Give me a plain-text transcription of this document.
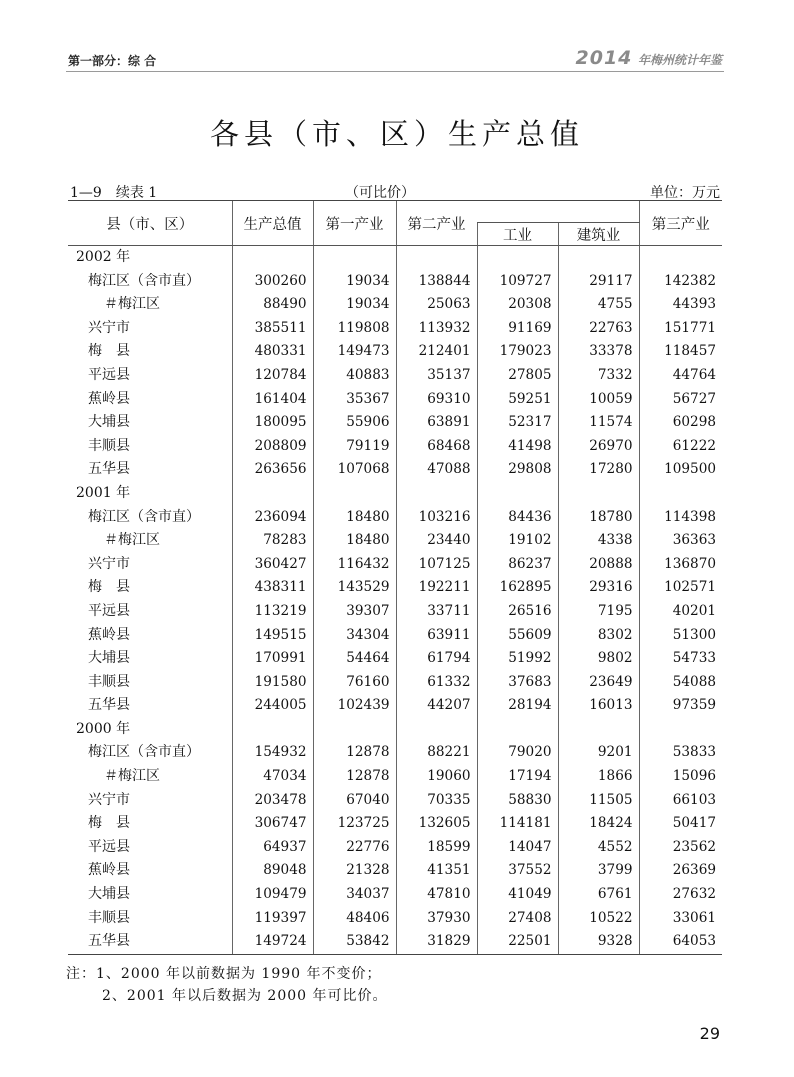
第一部分：综 合	2014 年梅州统计年鉴
各县（市、区）生产总值
1—9　续表 1	（可比价）	单位：万元
县（市、区）	生产总值	第一产业	第二产业			第三产业
				工业	建筑业	
2002 年						
梅江区（含市直）	300260	19034	138844	109727	29117	142382
＃梅江区	88490	19034	25063	20308	4755	44393
兴宁市	385511	119808	113932	91169	22763	151771
梅　县	480331	149473	212401	179023	33378	118457
平远县	120784	40883	35137	27805	7332	44764
蕉岭县	161404	35367	69310	59251	10059	56727
大埔县	180095	55906	63891	52317	11574	60298
丰顺县	208809	79119	68468	41498	26970	61222
五华县	263656	107068	47088	29808	17280	109500
2001 年						
梅江区（含市直）	236094	18480	103216	84436	18780	114398
＃梅江区	78283	18480	23440	19102	4338	36363
兴宁市	360427	116432	107125	86237	20888	136870
梅　县	438311	143529	192211	162895	29316	102571
平远县	113219	39307	33711	26516	7195	40201
蕉岭县	149515	34304	63911	55609	8302	51300
大埔县	170991	54464	61794	51992	9802	54733
丰顺县	191580	76160	61332	37683	23649	54088
五华县	244005	102439	44207	28194	16013	97359
2000 年						
梅江区（含市直）	154932	12878	88221	79020	9201	53833
＃梅江区	47034	12878	19060	17194	1866	15096
兴宁市	203478	67040	70335	58830	11505	66103
梅　县	306747	123725	132605	114181	18424	50417
平远县	64937	22776	18599	14047	4552	23562
蕉岭县	89048	21328	41351	37552	3799	26369
大埔县	109479	34037	47810	41049	6761	27632
丰顺县	119397	48406	37930	27408	10522	33061
五华县	149724	53842	31829	22501	9328	64053
注：1、2000 年以前数据为 1990 年不变价；
2、2001 年以后数据为 2000 年可比价。
29
